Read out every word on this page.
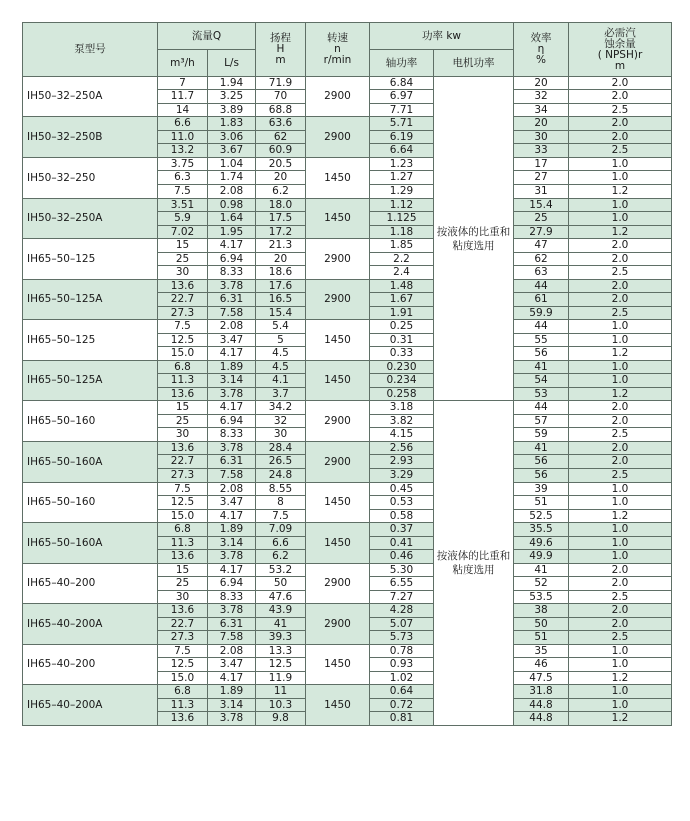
泵型号	流量Q		扬程
H
m	转速
n
r/min	功率 kw		效率
η
%	必需汽
蚀余量
( NPSH)r
m

	m³/h	L/s			轴功率	电机功率		
IH50–32–250A	7	1.94	71.9	2900	6.84	按液体的比重和粘度选用	20	2.0
	11.7	3.25	70		6.97		32	2.0
	14	3.89	68.8		7.71		34	2.5
IH50–32–250B	6.6	1.83	63.6	2900	5.71		20	2.0
	11.0	3.06	62		6.19		30	2.0
	13.2	3.67	60.9		6.64		33	2.5
IH50–32–250	3.75	1.04	20.5	1450	1.23		17	1.0
	6.3	1.74	20		1.27		27	1.0
	7.5	2.08	6.2		1.29		31	1.2
IH50–32–250A	3.51	0.98	18.0	1450	1.12		15.4	1.0
	5.9	1.64	17.5		1.125		25	1.0
	7.02	1.95	17.2		1.18		27.9	1.2
IH65–50–125	15	4.17	21.3	2900	1.85		47	2.0
	25	6.94	20		2.2		62	2.0
	30	8.33	18.6		2.4		63	2.5
IH65–50–125A	13.6	3.78	17.6	2900	1.48		44	2.0
	22.7	6.31	16.5		1.67		61	2.0
	27.3	7.58	15.4		1.91		59.9	2.5
IH65–50–125	7.5	2.08	5.4	1450	0.25		44	1.0
	12.5	3.47	5		0.31		55	1.0
	15.0	4.17	4.5		0.33		56	1.2
IH65–50–125A	6.8	1.89	4.5	1450	0.230		41	1.0
	11.3	3.14	4.1		0.234		54	1.0
	13.6	3.78	3.7		0.258		53	1.2
IH65–50–160	15	4.17	34.2	2900	3.18	按液体的比重和粘度选用	44	2.0
	25	6.94	32		3.82		57	2.0
	30	8.33	30		4.15		59	2.5
IH65–50–160A	13.6	3.78	28.4	2900	2.56		41	2.0
	22.7	6.31	26.5		2.93		56	2.0
	27.3	7.58	24.8		3.29		56	2.5
IH65–50–160	7.5	2.08	8.55	1450	0.45		39	1.0
	12.5	3.47	8		0.53		51	1.0
	15.0	4.17	7.5		0.58		52.5	1.2
IH65–50–160A	6.8	1.89	7.09	1450	0.37		35.5	1.0
	11.3	3.14	6.6		0.41		49.6	1.0
	13.6	3.78	6.2		0.46		49.9	1.0
IH65–40–200	15	4.17	53.2	2900	5.30		41	2.0
	25	6.94	50		6.55		52	2.0
	30	8.33	47.6		7.27		53.5	2.5
IH65–40–200A	13.6	3.78	43.9	2900	4.28		38	2.0
	22.7	6.31	41		5.07		50	2.0
	27.3	7.58	39.3		5.73		51	2.5
IH65–40–200	7.5	2.08	13.3	1450	0.78		35	1.0
	12.5	3.47	12.5		0.93		46	1.0
	15.0	4.17	11.9		1.02		47.5	1.2
IH65–40–200A	6.8	1.89	11	1450	0.64		31.8	1.0
	11.3	3.14	10.3		0.72		44.8	1.0
	13.6	3.78	9.8		0.81		44.8	1.2
